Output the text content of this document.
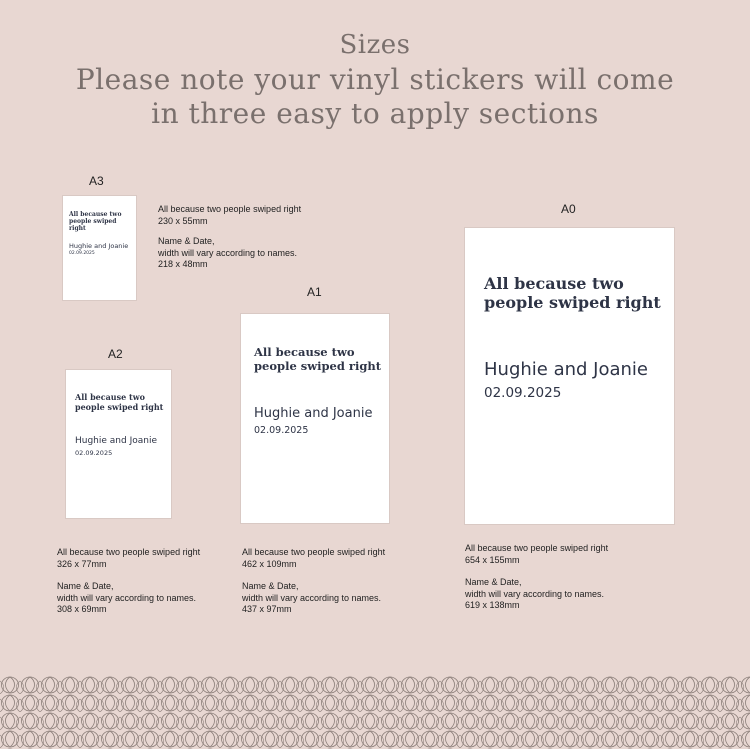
Sizes
Please note your vinyl stickers will come
in three easy to apply sections
A3
All because two people swiped right
Hughie and Joanie
02.09.2025

All because two people swiped right

230 x 55mm

Name & Date,

width will vary according to names.

218 x 48mm

A2
All because two people swiped right
Hughie and Joanie
02.09.2025

All because two people swiped right

326 x 77mm

Name & Date,

width will vary according to names.

308 x 69mm

A1
All because two people swiped right
Hughie and Joanie
02.09.2025

All because two people swiped right

462 x 109mm

Name & Date,

width will vary according to names.

437 x 97mm

A0
All because two people swiped right
Hughie and Joanie
02.09.2025

All because two people swiped right

654 x 155mm

Name & Date,

width will vary according to names.

619 x 138mm
